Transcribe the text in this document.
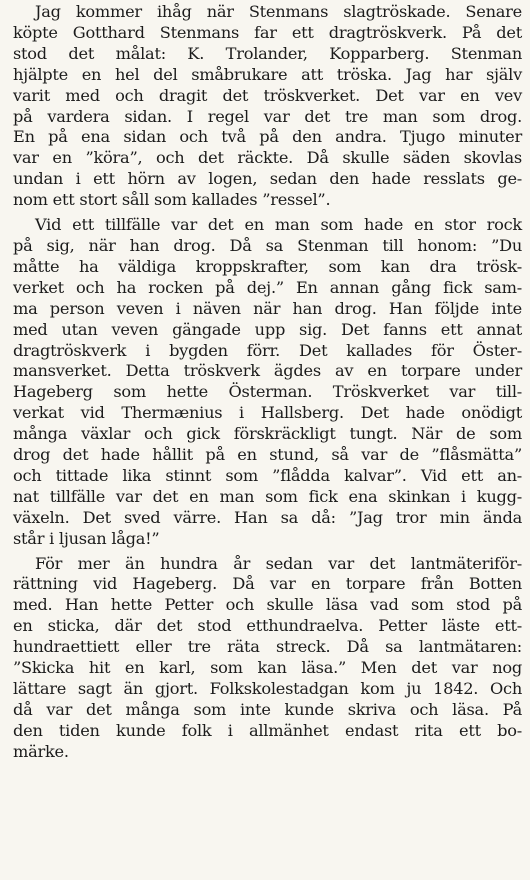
Jag kommer ihåg när Stenmans slagtröskade. Senare
köpte Gotthard Stenmans far ett dragtröskverk. På det
stod det målat: K. Trolander, Kopparberg. Stenman
hjälpte en hel del småbrukare att tröska. Jag har själv
varit med och dragit det tröskverket. Det var en vev
på vardera sidan. I regel var det tre man som drog.
En på ena sidan och två på den andra. Tjugo minuter
var en ”köra”, och det räckte. Då skulle säden skovlas
undan i ett hörn av logen, sedan den hade resslats ge-
nom ett stort såll som kallades ”ressel”.
Vid ett tillfälle var det en man som hade en stor rock
på sig, när han drog. Då sa Stenman till honom: ”Du
måtte ha väldiga kroppskrafter, som kan dra trösk-
verket och ha rocken på dej.” En annan gång fick sam-
ma person veven i näven när han drog. Han följde inte
med utan veven gängade upp sig. Det fanns ett annat
dragtröskverk i bygden förr. Det kallades för Öster-
mansverket. Detta tröskverk ägdes av en torpare under
Hageberg som hette Österman. Tröskverket var till-
verkat vid Thermænius i Hallsberg. Det hade onödigt
många växlar och gick förskräckligt tungt. När de som
drog det hade hållit på en stund, så var de ”flåsmätta”
och tittade lika stinnt som ”flådda kalvar”. Vid ett an-
nat tillfälle var det en man som fick ena skinkan i kugg-
växeln. Det sved värre. Han sa då: ”Jag tror min ända
står i ljusan låga!”
För mer än hundra år sedan var det lantmäteriför-
rättning vid Hageberg. Då var en torpare från Botten
med. Han hette Petter och skulle läsa vad som stod på
en sticka, där det stod etthundraelva. Petter läste ett-
hundraettiett eller tre räta streck. Då sa lantmätaren:
”Skicka hit en karl, som kan läsa.” Men det var nog
lättare sagt än gjort. Folkskolestadgan kom ju 1842. Och
då var det många som inte kunde skriva och läsa. På
den tiden kunde folk i allmänhet endast rita ett bo-
märke.
